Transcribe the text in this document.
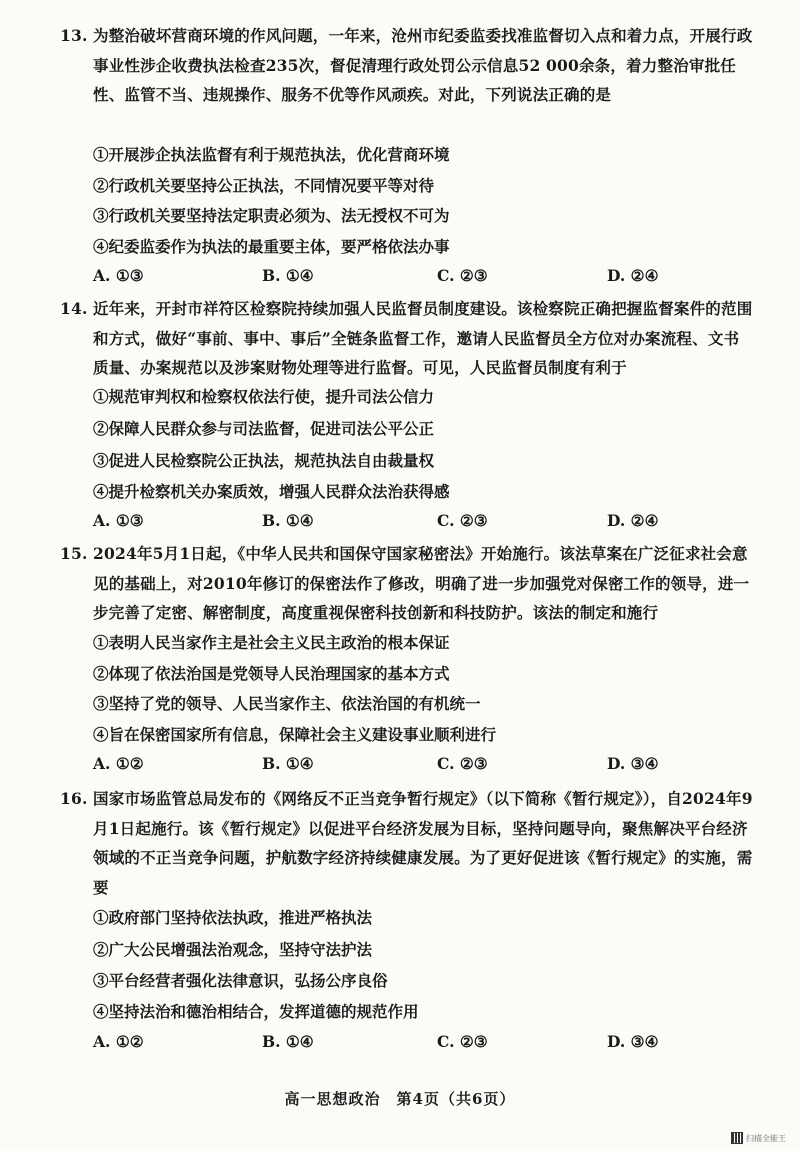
13. 为整治破坏营商环境的作风问题，一年来，沧州市纪委监委找准监督切入点和着力点，开展行政事业性涉企收费执法检查235次，督促清理行政处罚公示信息52 000余条，着力整治审批任性、监管不当、违规操作、服务不优等作风顽疾。对此，下列说法正确的是
①开展涉企执法监督有利于规范执法，优化营商环境
②行政机关要坚持公正执法，不同情况要平等对待
③行政机关要坚持法定职责必须为、法无授权不可为
④纪委监委作为执法的最重要主体，要严格依法办事
A. ①③	B. ①④	C. ②③	D. ②④
14. 近年来，开封市祥符区检察院持续加强人民监督员制度建设。该检察院正确把握监督案件的范围和方式，做好“事前、事中、事后”全链条监督工作，邀请人民监督员全方位对办案流程、文书质量、办案规范以及涉案财物处理等进行监督。可见，人民监督员制度有利于
①规范审判权和检察权依法行使，提升司法公信力
②保障人民群众参与司法监督，促进司法公平公正
③促进人民检察院公正执法，规范执法自由裁量权
④提升检察机关办案质效，增强人民群众法治获得感
A. ①③	B. ①④	C. ②③	D. ②④
15. 2024年5月1日起，《中华人民共和国保守国家秘密法》开始施行。该法草案在广泛征求社会意见的基础上，对2010年修订的保密法作了修改，明确了进一步加强党对保密工作的领导，进一步完善了定密、解密制度，高度重视保密科技创新和科技防护。该法的制定和施行
①表明人民当家作主是社会主义民主政治的根本保证
②体现了依法治国是党领导人民治理国家的基本方式
③坚持了党的领导、人民当家作主、依法治国的有机统一
④旨在保密国家所有信息，保障社会主义建设事业顺利进行
A. ①②	B. ①④	C. ②③	D. ③④
16. 国家市场监管总局发布的《网络反不正当竞争暂行规定》（以下简称《暂行规定》），自2024年9月1日起施行。该《暂行规定》以促进平台经济发展为目标，坚持问题导向，聚焦解决平台经济领域的不正当竞争问题，护航数字经济持续健康发展。为了更好促进该《暂行规定》的实施，需要
①政府部门坚持依法执政，推进严格执法
②广大公民增强法治观念，坚持守法护法
③平台经营者强化法律意识，弘扬公序良俗
④坚持法治和德治相结合，发挥道德的规范作用
A. ①②	B. ①④	C. ②③	D. ③④
高一思想政治　第4页（共6页）
扫描全能王
